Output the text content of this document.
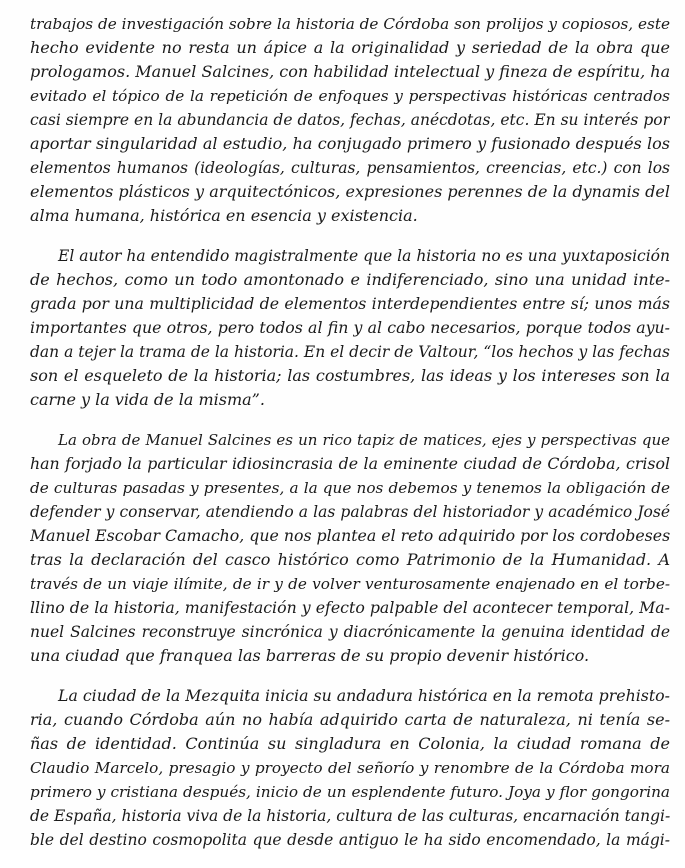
trabajos de investigación sobre la historia de Córdoba son prolijos y copiosos, este
hecho evidente no resta un ápice a la originalidad y seriedad de la obra que
prologamos. Manuel Salcines, con habilidad intelectual y fineza de espíritu, ha
evitado el tópico de la repetición de enfoques y perspectivas históricas centrados
casi siempre en la abundancia de datos, fechas, anécdotas, etc. En su interés por
aportar singularidad al estudio, ha conjugado primero y fusionado después los
elementos humanos (ideologías, culturas, pensamientos, creencias, etc.) con los
elementos plásticos y arquitectónicos, expresiones perennes de la dynamis del
alma humana, histórica en esencia y existencia.

El autor ha entendido magistralmente que la historia no es una yuxtaposición
de hechos, como un todo amontonado e indiferenciado, sino una unidad inte-
grada por una multiplicidad de elementos interdependientes entre sí; unos más
importantes que otros, pero todos al fin y al cabo necesarios, porque todos ayu-
dan a tejer la trama de la historia. En el decir de Valtour, “los hechos y las fechas
son el esqueleto de la historia; las costumbres, las ideas y los intereses son la
carne y la vida de la misma”.

La obra de Manuel Salcines es un rico tapiz de matices, ejes y perspectivas que
han forjado la particular idiosincrasia de la eminente ciudad de Córdoba, crisol
de culturas pasadas y presentes, a la que nos debemos y tenemos la obligación de
defender y conservar, atendiendo a las palabras del historiador y académico José
Manuel Escobar Camacho, que nos plantea el reto adquirido por los cordobeses
tras la declaración del casco histórico como Patrimonio de la Humanidad. A
través de un viaje ilímite, de ir y de volver venturosamente enajenado en el torbe-
llino de la historia, manifestación y efecto palpable del acontecer temporal, Ma-
nuel Salcines reconstruye sincrónica y diacrónicamente la genuina identidad de
una ciudad que franquea las barreras de su propio devenir histórico.

La ciudad de la Mezquita inicia su andadura histórica en la remota prehisto-
ria, cuando Córdoba aún no había adquirido carta de naturaleza, ni tenía se-
ñas de identidad. Continúa su singladura en Colonia, la ciudad romana de
Claudio Marcelo, presagio y proyecto del señorío y renombre de la Córdoba mora
primero y cristiana después, inicio de un esplendente futuro. Joya y flor gongorina
de España, historia viva de la historia, cultura de las culturas, encarnación tangi-
ble del destino cosmopolita que desde antiguo le ha sido encomendado, la mági-
